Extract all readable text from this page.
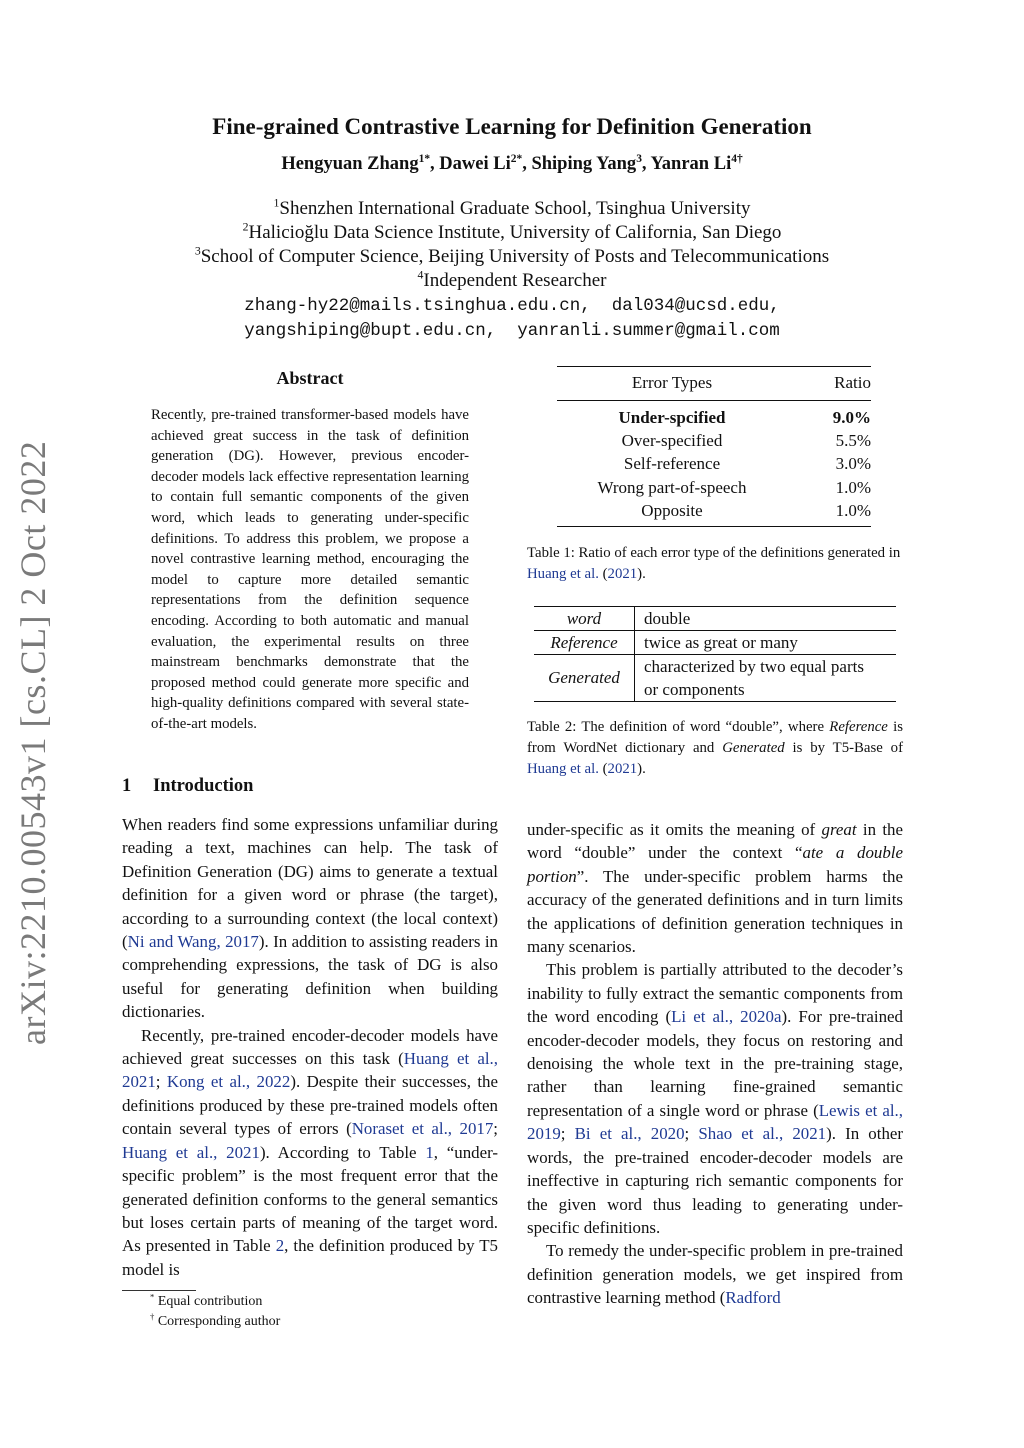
arXiv:2210.00543v1 [cs.CL] 2 Oct 2022
Fine-grained Contrastive Learning for Definition Generation
Hengyuan Zhang$^{1*}$, Dawei $Li^{2*}$, Shiping Yang$^3$, Yanran $Li^{4\dagger}$
$^1$Shenzhen International Graduate School, Tsinghua University
$^2$Halicioğlu Data Science Institute, University of California, San Diego
$^3$School of Computer Science, Beijing University of Posts and Telecommunications
$^4$Independent Researcher
zhang-hy22@mails.tsinghua.edu.cn,  dal034@ucsd.edu,
yangshiping@bupt.edu.cn,  yanranli.summer@gmail.com
Abstract
Recently, pre-trained transformer-based models have achieved great success in the task of definition generation (DG). However, previous encoder-decoder models lack effective representation learning to contain full semantic components of the given word, which leads to generating under-specific definitions. To address this problem, we propose a novel contrastive learning method, encouraging the model to capture more detailed semantic representations from the definition sequence encoding. According to both automatic and manual evaluation, the experimental results on three mainstream benchmarks demonstrate that the proposed method could generate more specific and high-quality definitions compared with several state-of-the-art models.
1 Introduction

When readers find some expressions unfamiliar during reading a text, machines can help. The task of Definition Generation (DG) aims to generate a textual definition for a given word or phrase (the target), according to a surrounding context (the local context) (Ni and Wang, 2017). In addition to assisting readers in comprehending expressions, the task of DG is also useful for generating definition when building dictionaries.

Recently, pre-trained encoder-decoder models have achieved great successes on this task (Huang et al., 2021; Kong et al., 2022). Despite their successes, the definitions produced by these pre-trained models often contain several types of errors (Noraset et al., 2017; Huang et al., 2021). According to Table 1, “under-specific problem” is the most frequent error that the generated definition conforms to the general semantics but loses certain parts of meaning of the target word. As presented in Table 2, the definition produced by T5 model is

* Equal contribution
† Corresponding author
Error Types	Ratio
Under-spcified	9.0%
Over-specified	5.5%
Self-reference	3.0%
Wrong part-of-speech	1.0%
Opposite	1.0%
Table 1: Ratio of each error type of the definitions generated in Huang et al. (2021).
word	double
Reference	twice as great or many
Generated	characterized by two equal parts
or components
Table 2: The definition of word “double”, where Reference is from WordNet dictionary and Generated is by T5-Base of Huang et al. (2021).

under-specific as it omits the meaning of great in the word “double” under the context “ate a double portion”. The under-specific problem harms the accuracy of the generated definitions and in turn limits the applications of definition generation techniques in many scenarios.

This problem is partially attributed to the decoder’s inability to fully extract the semantic components from the word encoding (Li et al., 2020a). For pre-trained encoder-decoder models, they focus on restoring and denoising the whole text in the pre-training stage, rather than learning fine-grained semantic representation of a single word or phrase (Lewis et al., 2019; Bi et al., 2020; Shao et al., 2021). In other words, the pre-trained encoder-decoder models are ineffective in capturing rich semantic components for the given word thus leading to generating under-specific definitions.

To remedy the under-specific problem in pre-trained definition generation models, we get inspired from contrastive learning method (Radford
